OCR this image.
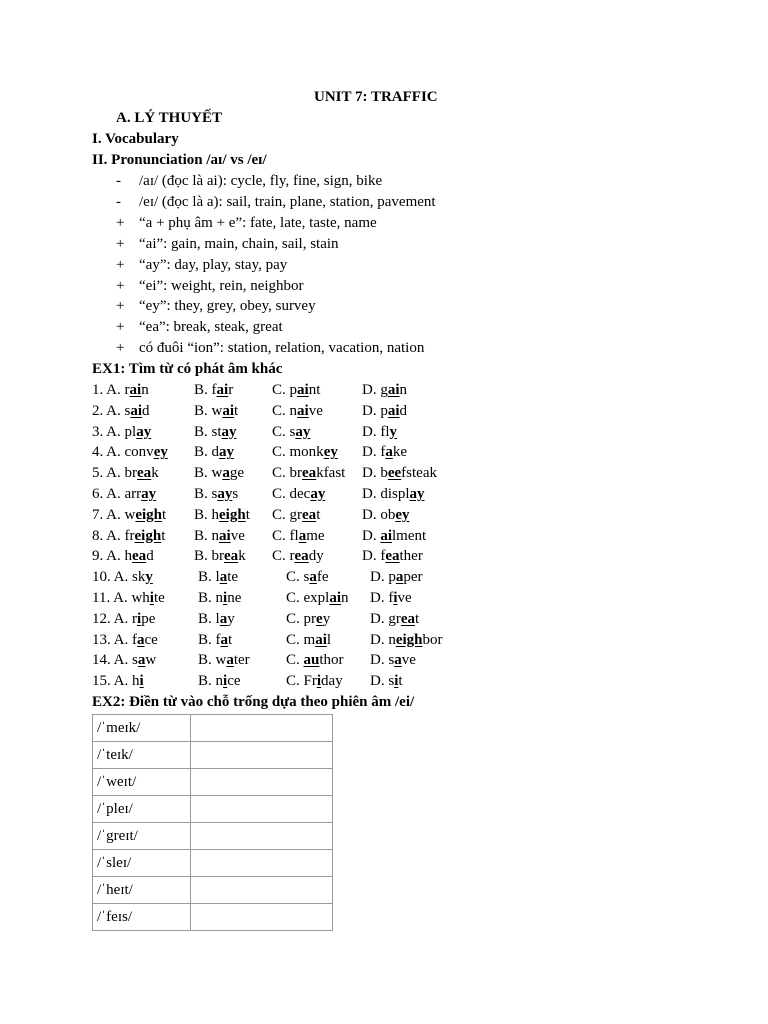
UNIT 7: TRAFFIC
A. LÝ THUYẾT
I. Vocabulary
II. Pronunciation /aɪ/ vs /eɪ/
- /aɪ/ (đọc là ai): cycle, fly, fine, sign, bike
- /eɪ/ (đọc là a): sail, train, plane, station, pavement
+ “a + phụ âm + e”: fate, late, taste, name
+ “ai”: gain, main, chain, sail, stain
+ “ay”: day, play, stay, pay
+ “ei”: weight, rein, neighbor
+ “ey”: they, grey, obey, survey
+ “ea”: break, steak, great
+ có đuôi “ion”: station, relation, vacation, nation
EX1: Tìm từ có phát âm khác
1. A. rain	B. fair	C. paint	D. gain
2. A. said	B. wait C. naive	D. paid
3. A. play	B. stay C. say	D. fly
4. A. convey B. day	C. monkey D. fake
5. A. break B. wage C. breakfast D. beefsteak
6. A. array	B. says C. decay D. display
7. A. weight B. height C. great	D. obey
8. A. freight B. naive C. flame D. ailment
9. A. head	B. break C. ready	D. feather
10. A. sky	B. late	C. safe	D. paper
11. A. white B. nine	C. explain D. five
12. A. ripe	B. lay	C. prey	D. great
13. A. face	B. fat	C. mail	D. neighbor
14. A. saw	B. water C. author D. save
15. A. hi	B. nice	C. Friday D. sit
EX2: Điền từ vào chỗ trống dựa theo phiên âm /ei/
/ˈmeɪk/	
/ˈteɪk/	
/ˈweɪt/	
/ˈpleɪ/	
/ˈgreɪt/	
/ˈsleɪ/	
/ˈheɪt/	
/ˈfeɪs/	
